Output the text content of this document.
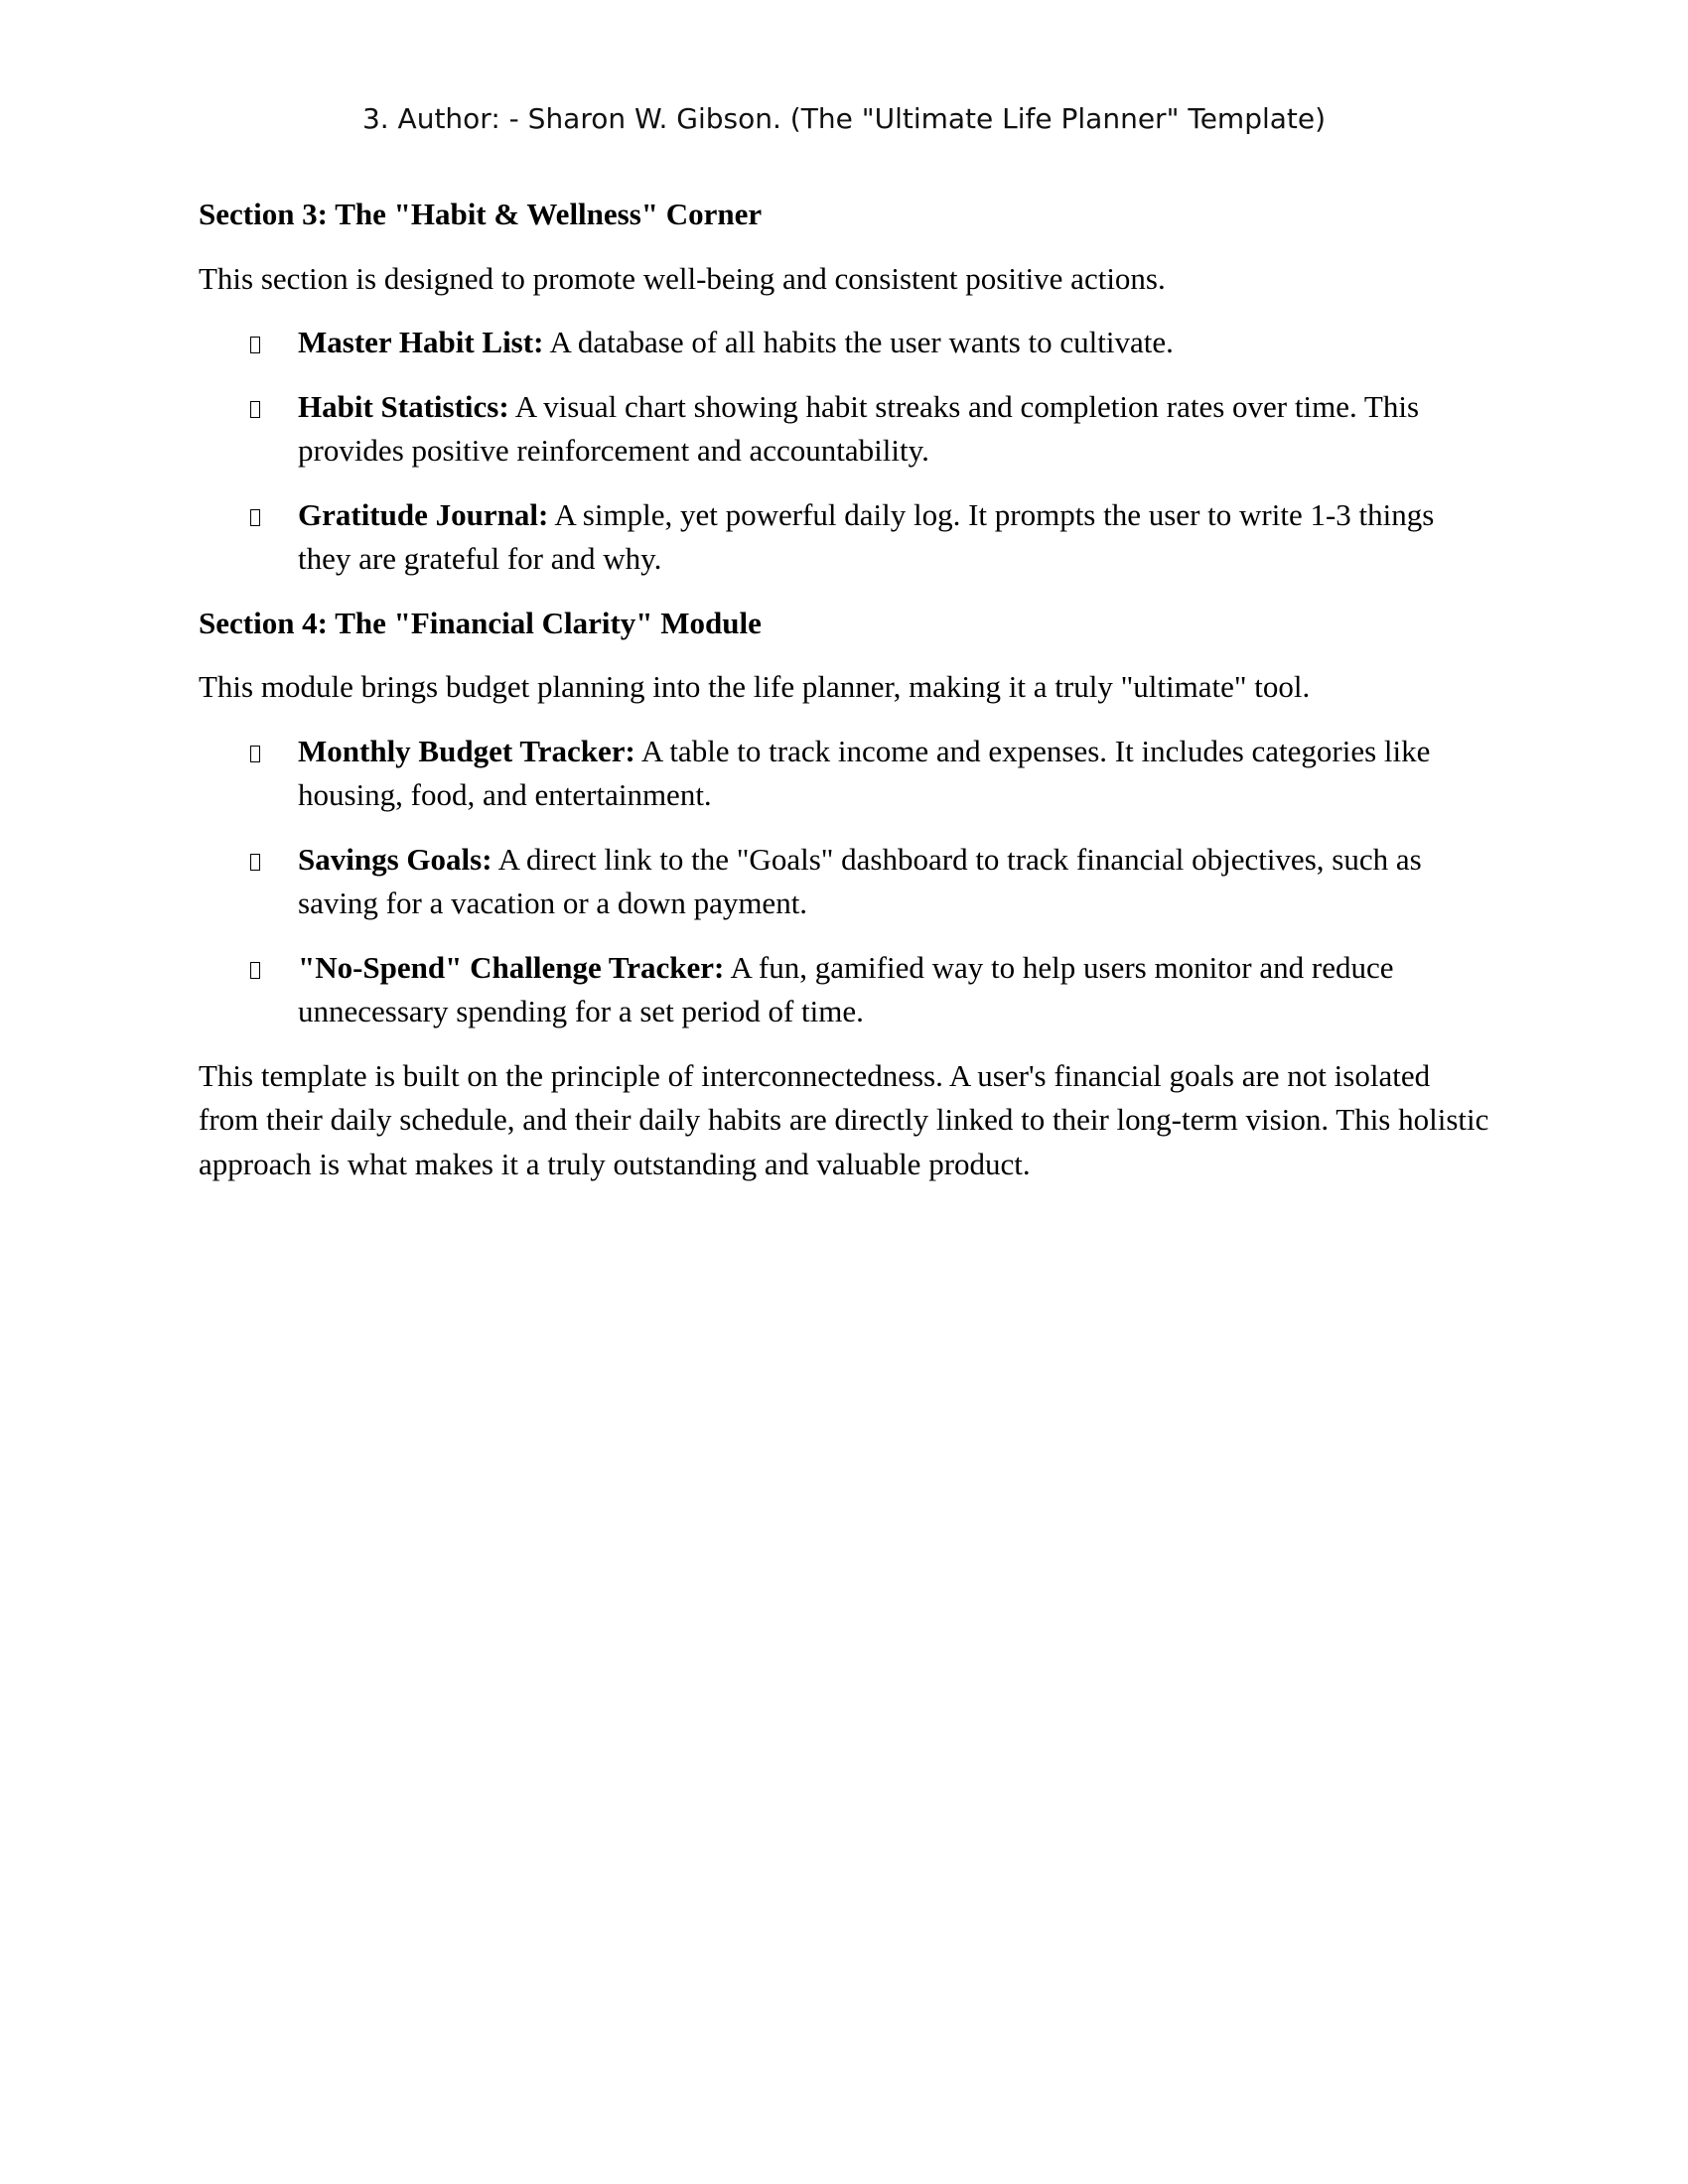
3. Author: - Sharon W. Gibson. (The "Ultimate Life Planner" Template)
Section 3: The "Habit & Wellness" Corner
This section is designed to promote well-being and consistent positive actions.
Master Habit List: A database of all habits the user wants to cultivate.
Habit Statistics: A visual chart showing habit streaks and completion rates over time. This provides positive reinforcement and accountability.
Gratitude Journal: A simple, yet powerful daily log. It prompts the user to write 1-3 things they are grateful for and why.
Section 4: The "Financial Clarity" Module
This module brings budget planning into the life planner, making it a truly "ultimate" tool.
Monthly Budget Tracker: A table to track income and expenses. It includes categories like housing, food, and entertainment.
Savings Goals: A direct link to the "Goals" dashboard to track financial objectives, such as saving for a vacation or a down payment.
"No-Spend" Challenge Tracker: A fun, gamified way to help users monitor and reduce unnecessary spending for a set period of time.
This template is built on the principle of interconnectedness. A user's financial goals are not isolated from their daily schedule, and their daily habits are directly linked to their long-term vision. This holistic approach is what makes it a truly outstanding and valuable product.
